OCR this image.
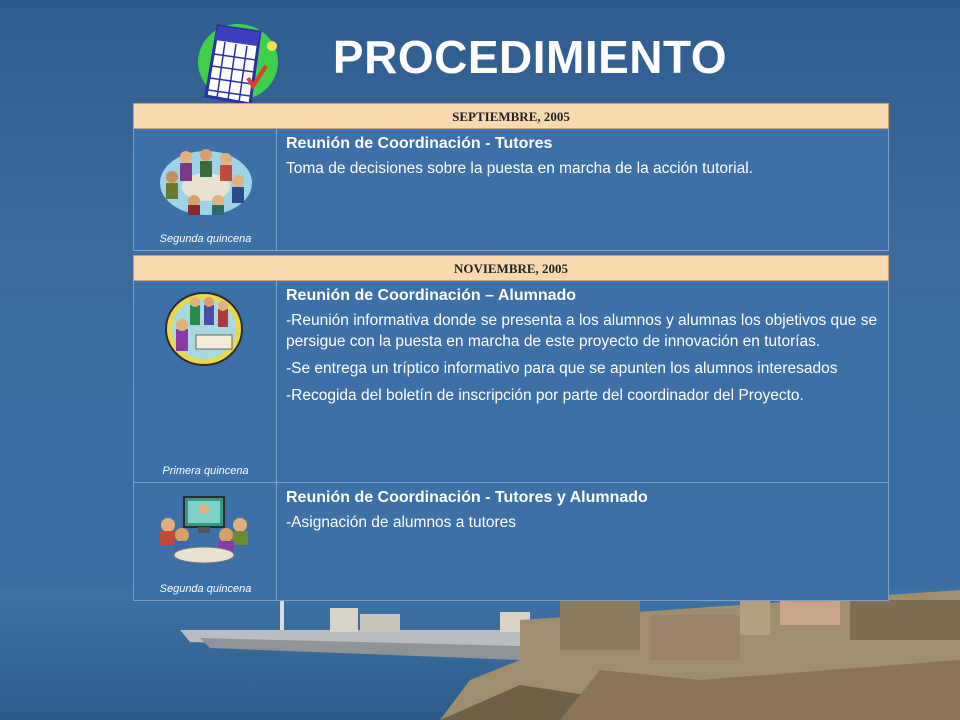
PROCEDIMIENTO
SEPTIEMBRE, 2005
Segunda quincena
Reunión de Coordinación - Tutores

Toma de decisiones sobre la puesta en marcha de la acción tutorial.

NOVIEMBRE, 2005
Primera quincena
Reunión de Coordinación – Alumnado

-Reunión informativa donde se presenta a los alumnos y alumnas los objetivos que se persigue con la puesta en marcha de este proyecto de innovación en tutorías.

-Se entrega un tríptico informativo para que se apunten los alumnos interesados

-Recogida del boletín de inscripción por parte del coordinador del Proyecto.

Segunda quincena
Reunión de Coordinación - Tutores y Alumnado

-Asignación de alumnos a tutores
